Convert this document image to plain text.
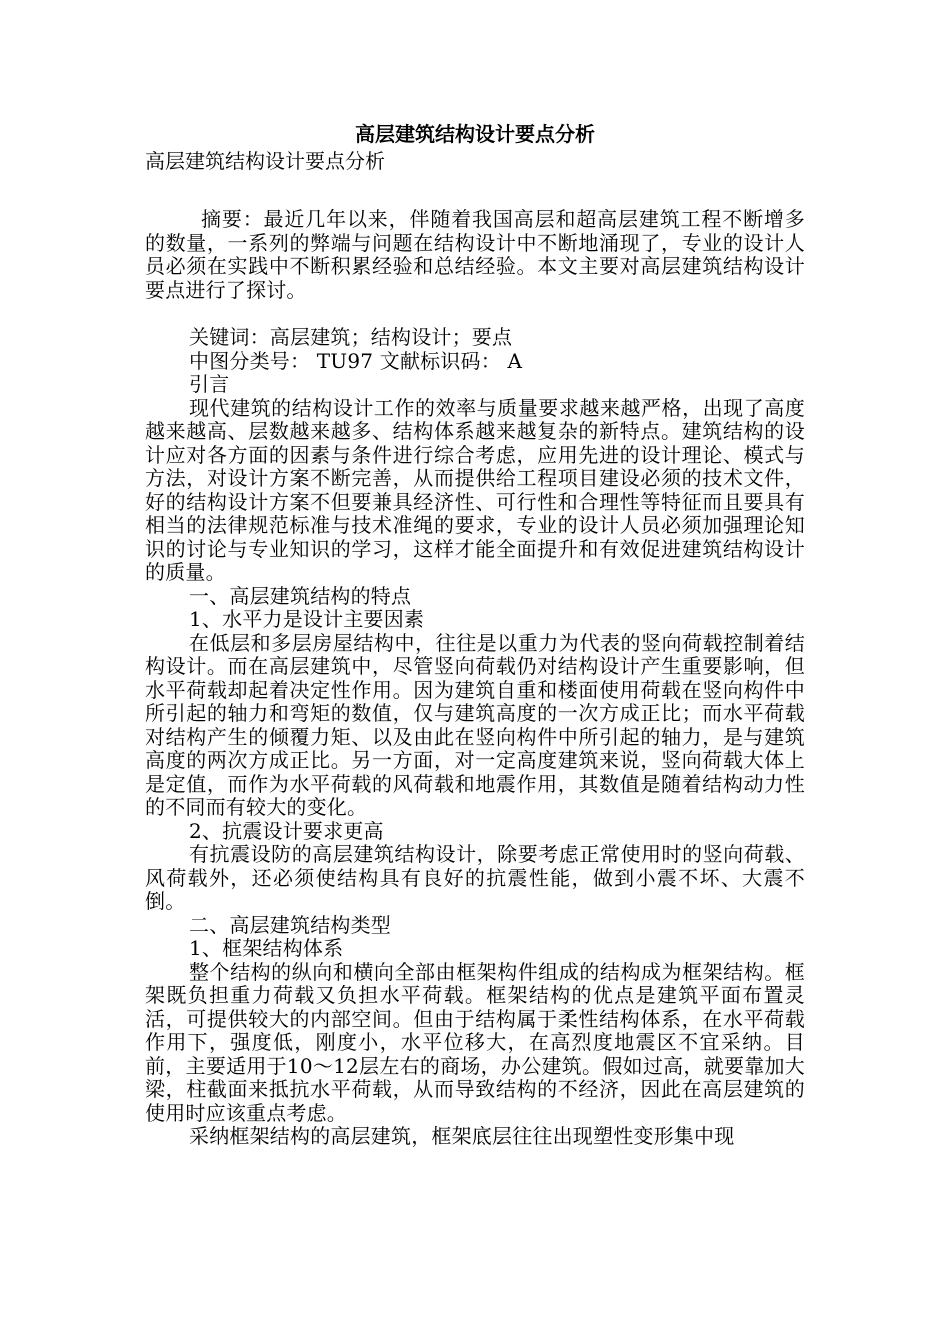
高层建筑结构设计要点分析
高层建筑结构设计要点分析

摘要：最近几年以来，伴随着我国高层和超高层建筑工程不断增多的数量，一系列的弊端与问题在结构设计中不断地涌现了，专业的设计人员必须在实践中不断积累经验和总结经验。本文主要对高层建筑结构设计要点进行了探讨。

关键词：高层建筑；结构设计；要点

中图分类号： TU97 文献标识码： A

引言

现代建筑的结构设计工作的效率与质量要求越来越严格，出现了高度越来越高、层数越来越多、结构体系越来越复杂的新特点。建筑结构的设计应对各方面的因素与条件进行综合考虑，应用先进的设计理论、模式与方法，对设计方案不断完善，从而提供给工程项目建设必须的技术文件，好的结构设计方案不但要兼具经济性、可行性和合理性等特征而且要具有相当的法律规范标准与技术准绳的要求，专业的设计人员必须加强理论知识的讨论与专业知识的学习，这样才能全面提升和有效促进建筑结构设计的质量。

一、高层建筑结构的特点

1、水平力是设计主要因素

在低层和多层房屋结构中，往往是以重力为代表的竖向荷载控制着结构设计。而在高层建筑中，尽管竖向荷载仍对结构设计产生重要影响，但水平荷载却起着决定性作用。因为建筑自重和楼面使用荷载在竖向构件中所引起的轴力和弯矩的数值，仅与建筑高度的一次方成正比；而水平荷载对结构产生的倾覆力矩、以及由此在竖向构件中所引起的轴力，是与建筑高度的两次方成正比。另一方面，对一定高度建筑来说，竖向荷载大体上是定值，而作为水平荷载的风荷载和地震作用，其数值是随着结构动力性的不同而有较大的变化。

2、抗震设计要求更高

有抗震设防的高层建筑结构设计，除要考虑正常使用时的竖向荷载、风荷载外，还必须使结构具有良好的抗震性能，做到小震不坏、大震不倒。

二、高层建筑结构类型

1、框架结构体系

整个结构的纵向和横向全部由框架构件组成的结构成为框架结构。框架既负担重力荷载又负担水平荷载。框架结构的优点是建筑平面布置灵活，可提供较大的内部空间。但由于结构属于柔性结构体系，在水平荷载作用下，强度低，刚度小，水平位移大，在高烈度地震区不宜采纳。目前，主要适用于10～12层左右的商场，办公建筑。假如过高，就要靠加大梁，柱截面来抵抗水平荷载，从而导致结构的不经济，因此在高层建筑的使用时应该重点考虑。

采纳框架结构的高层建筑，框架底层往往出现塑性变形集中现
